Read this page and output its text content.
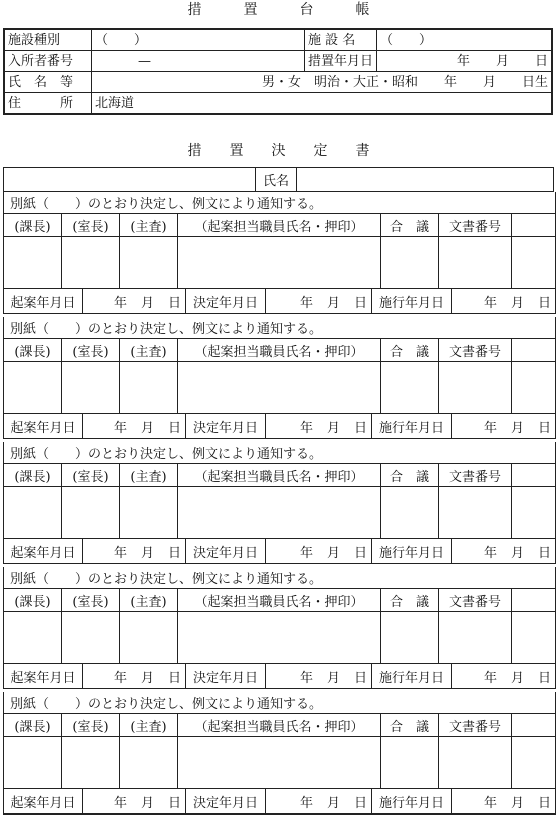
措　　　置　　　台　　　帳
施設種別	（　　）	施 設 名	（　　）
入所者番号	—	措置年月日	年　　月　　日
氏　名　等	男・女　明治・大正・昭和　　年　　月　　日生		
住　　　所	北海道		
措　　置　　決　　定　　書
氏名
別紙（　　）のとおり決定し、例文により通知する。
(課長)	(室長)	(主査)	（起案担当職員氏名・押印）	合　議	文書番号
起案年月日	年 月 日 決定年月日	年 月 日 施行年月日	年 月 日
別紙（　　）のとおり決定し、例文により通知する。
(課長)	(室長)	(主査)	（起案担当職員氏名・押印）	合　議	文書番号
起案年月日	年 月 日 決定年月日	年 月 日 施行年月日	年 月 日
別紙（　　）のとおり決定し、例文により通知する。
(課長)	(室長)	(主査)	（起案担当職員氏名・押印）	合　議	文書番号
起案年月日	年 月 日 決定年月日	年 月 日 施行年月日	年 月 日
別紙（　　）のとおり決定し、例文により通知する。
(課長)	(室長)	(主査)	（起案担当職員氏名・押印）	合　議	文書番号
起案年月日	年 月 日 決定年月日	年 月 日 施行年月日	年 月 日
別紙（　　）のとおり決定し、例文により通知する。
(課長)	(室長)	(主査)	（起案担当職員氏名・押印）	合　議	文書番号
起案年月日	年 月 日 決定年月日	年 月 日 施行年月日	年 月 日
